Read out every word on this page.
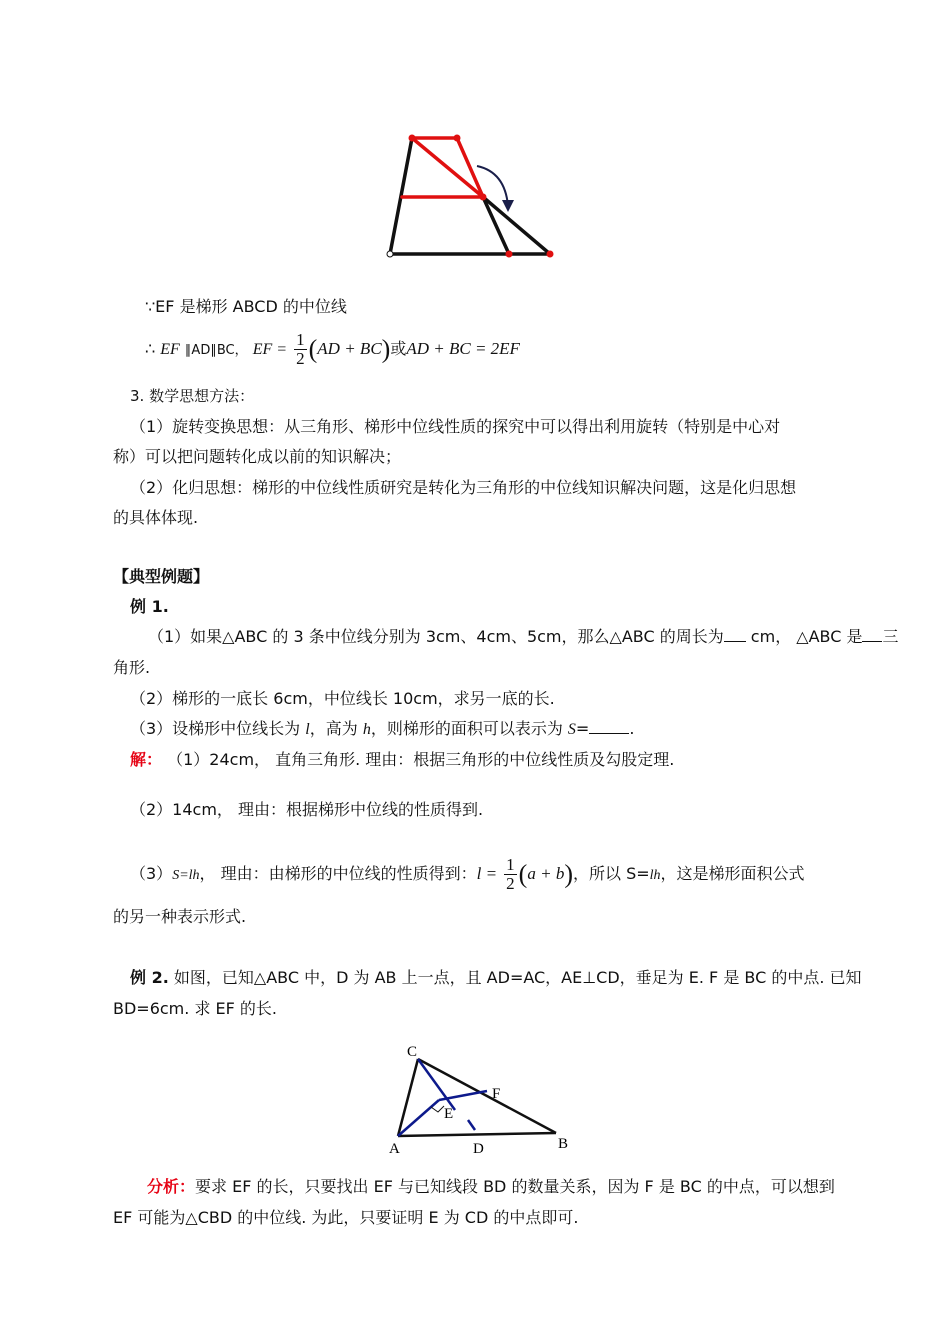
∵EF 是梯形 ABCD 的中位线
∴ EF ∥AD∥BC， EF = $\frac{1}{2} (AD + BC)$或AD + BC = 2EF
3. 数学思想方法：
（1）旋转变换思想：从三角形、梯形中位线性质的探究中可以得出利用旋转（特别是中心对
称）可以把问题转化成以前的知识解决；
（2）化归思想：梯形的中位线性质研究是转化为三角形的中位线知识解决问题，这是化归思想
的具体体现.
【典型例题】
例 1.
（1）如果△ABC 的 3 条中位线分别为 3cm、4cm、5cm，那么△ABC 的周长为 cm， △ABC 是 三
角形.
（2）梯形的一底长 6cm，中位线长 10cm，求另一底的长.
（3）设梯形中位线长为 l，高为 h，则梯形的面积可以表示为 S=	.
解： （1）24cm， 直角三角形. 理由：根据三角形的中位线性质及勾股定理.
（2）14cm， 理由：根据梯形中位线的性质得到.
（3）S=lh， 理由：由梯形的中位线的性质得到：$l = \frac{1}{2} (a + b)$，所以 S=lh，这是梯形面积公式
的另一种表示形式.
例 2. 如图，已知△ABC 中，D 为 AB 上一点，且 AD=AC，AE⊥CD，垂足为 E. F 是 BC 的中点. 已知
BD=6cm. 求 EF 的长.
C
F
E
A	D	B
分析：要求 EF 的长，只要找出 EF 与已知线段 BD 的数量关系，因为 F 是 BC 的中点，可以想到
EF 可能为△CBD 的中位线. 为此，只要证明 E 为 CD 的中点即可.
